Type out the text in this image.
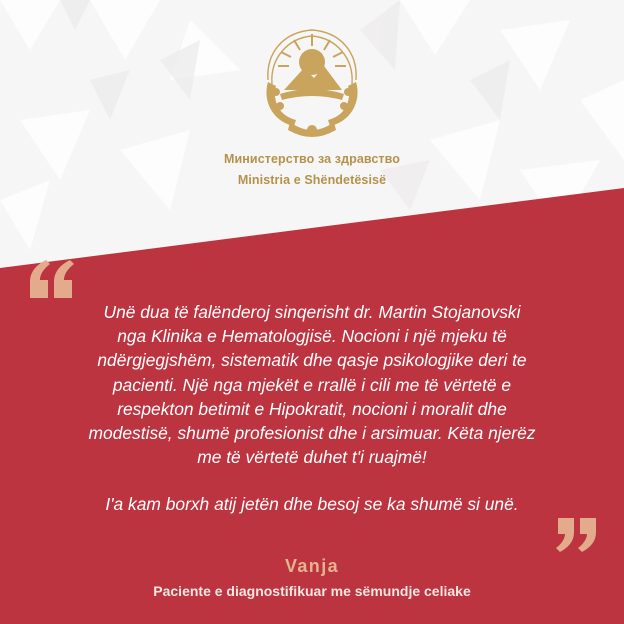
Министерство за здравство
Ministria e Shëndetësisë

Unë dua të falënderoj sinqerisht dr. Martin Stojanovski

nga Klinika e Hematologjisë. Nocioni i një mjeku të

ndërgjegjshëm, sistematik dhe qasje psikologjike deri te

pacienti. Një nga mjekët e rrallë i cili me të vërtetë e

respekton betimit e Hipokratit, nocioni i moralit dhe

modestisë, shumë profesionist dhe i arsimuar. Këta njerëz

me të vërtetë duhet t'i ruajmë!

I'a kam borxh atij jetën dhe besoj se ka shumë si unë.

Vanja
Paciente e diagnostifikuar me sëmundje celiake
